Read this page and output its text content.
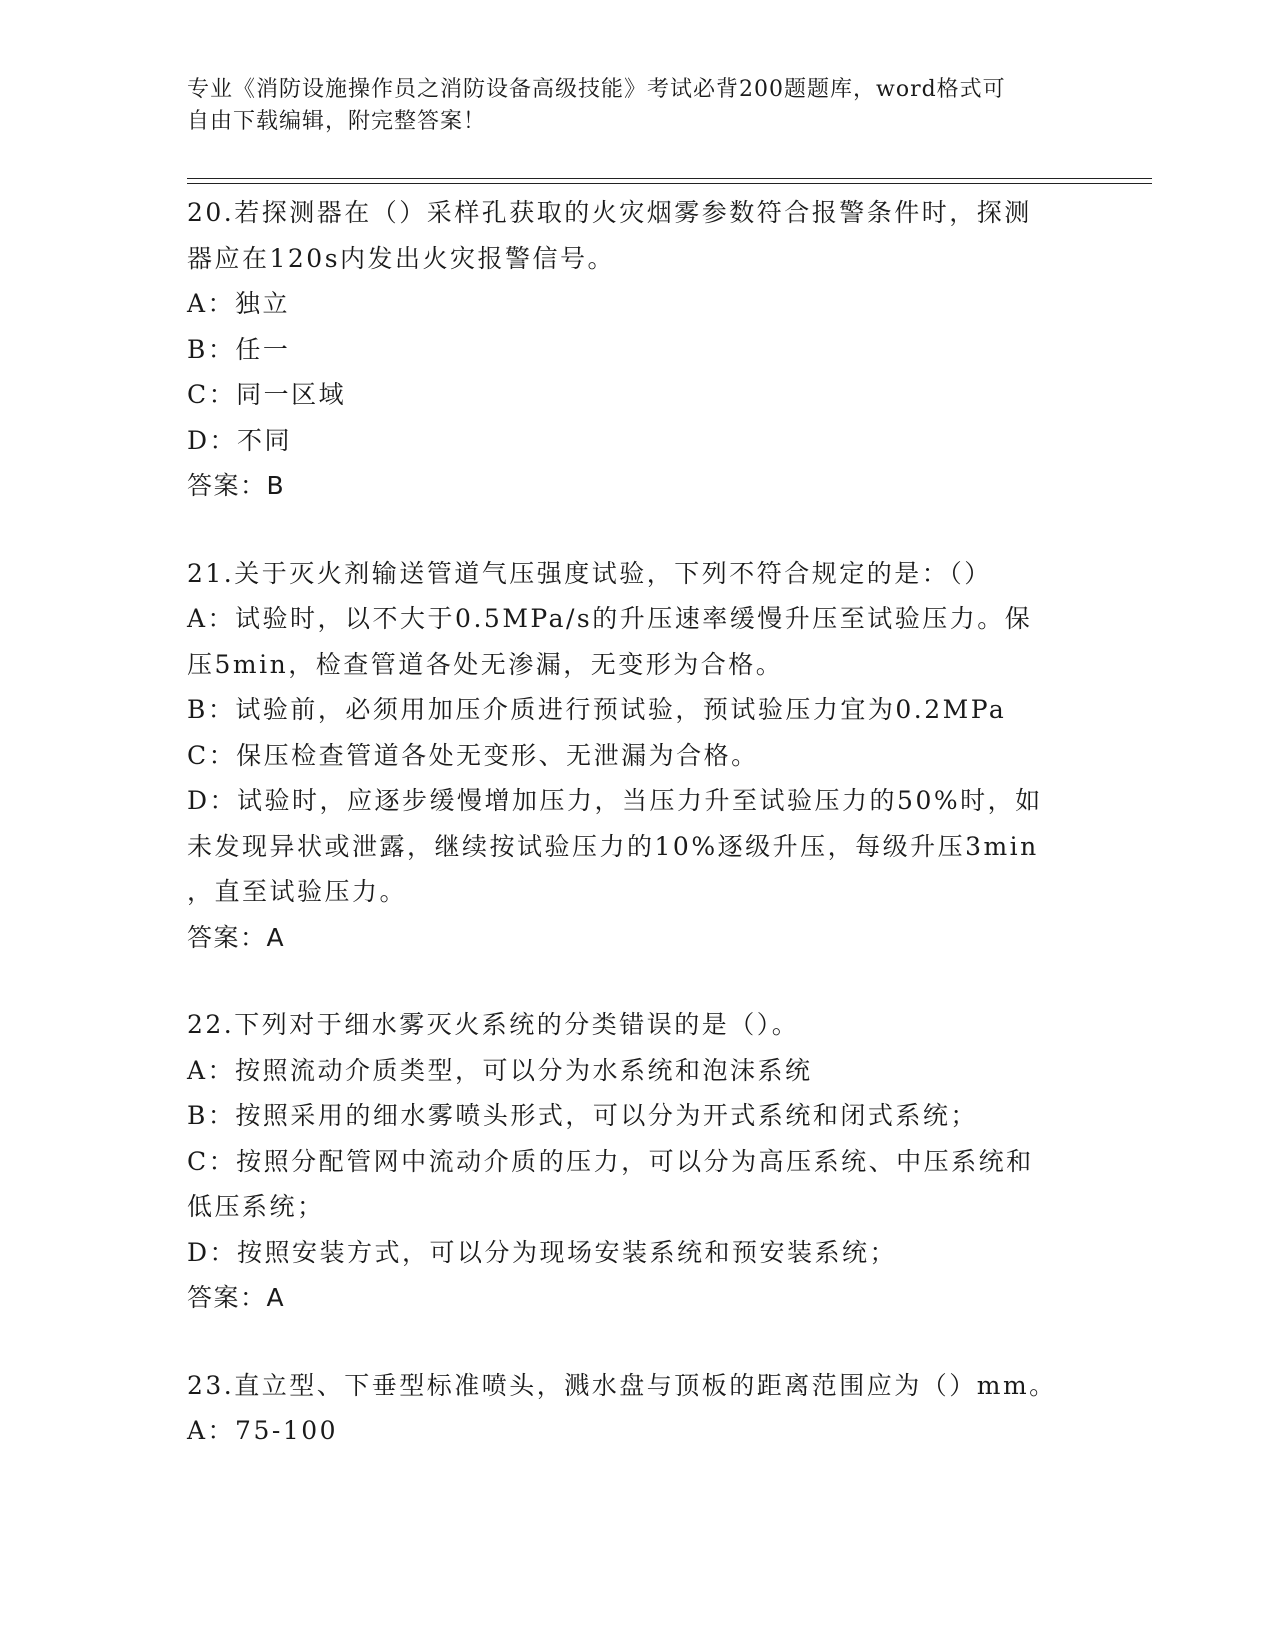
专业《消防设施操作员之消防设备高级技能》考试必背200题题库，word格式可
自由下载编辑，附完整答案！
20.若探测器在（）采样孔获取的火灾烟雾参数符合报警条件时，探测
器应在120s内发出火灾报警信号。
A：独立
B：任一
C：同一区域
D：不同
答案：B
21.关于灭火剂输送管道气压强度试验，下列不符合规定的是：（）
A：试验时，以不大于0.5MPa/s的升压速率缓慢升压至试验压力。保
压5min，检查管道各处无渗漏，无变形为合格。
B：试验前，必须用加压介质进行预试验，预试验压力宜为0.2MPa
C：保压检查管道各处无变形、无泄漏为合格。
D：试验时，应逐步缓慢增加压力，当压力升至试验压力的50%时，如
未发现异状或泄露，继续按试验压力的10%逐级升压，每级升压3min
，直至试验压力。
答案：A
22.下列对于细水雾灭火系统的分类错误的是（）。
A：按照流动介质类型，可以分为水系统和泡沫系统
B：按照采用的细水雾喷头形式，可以分为开式系统和闭式系统；
C：按照分配管网中流动介质的压力，可以分为高压系统、中压系统和
低压系统；
D：按照安装方式，可以分为现场安装系统和预安装系统；
答案：A
23.直立型、下垂型标准喷头，溅水盘与顶板的距离范围应为（）mm。
A：75-100
